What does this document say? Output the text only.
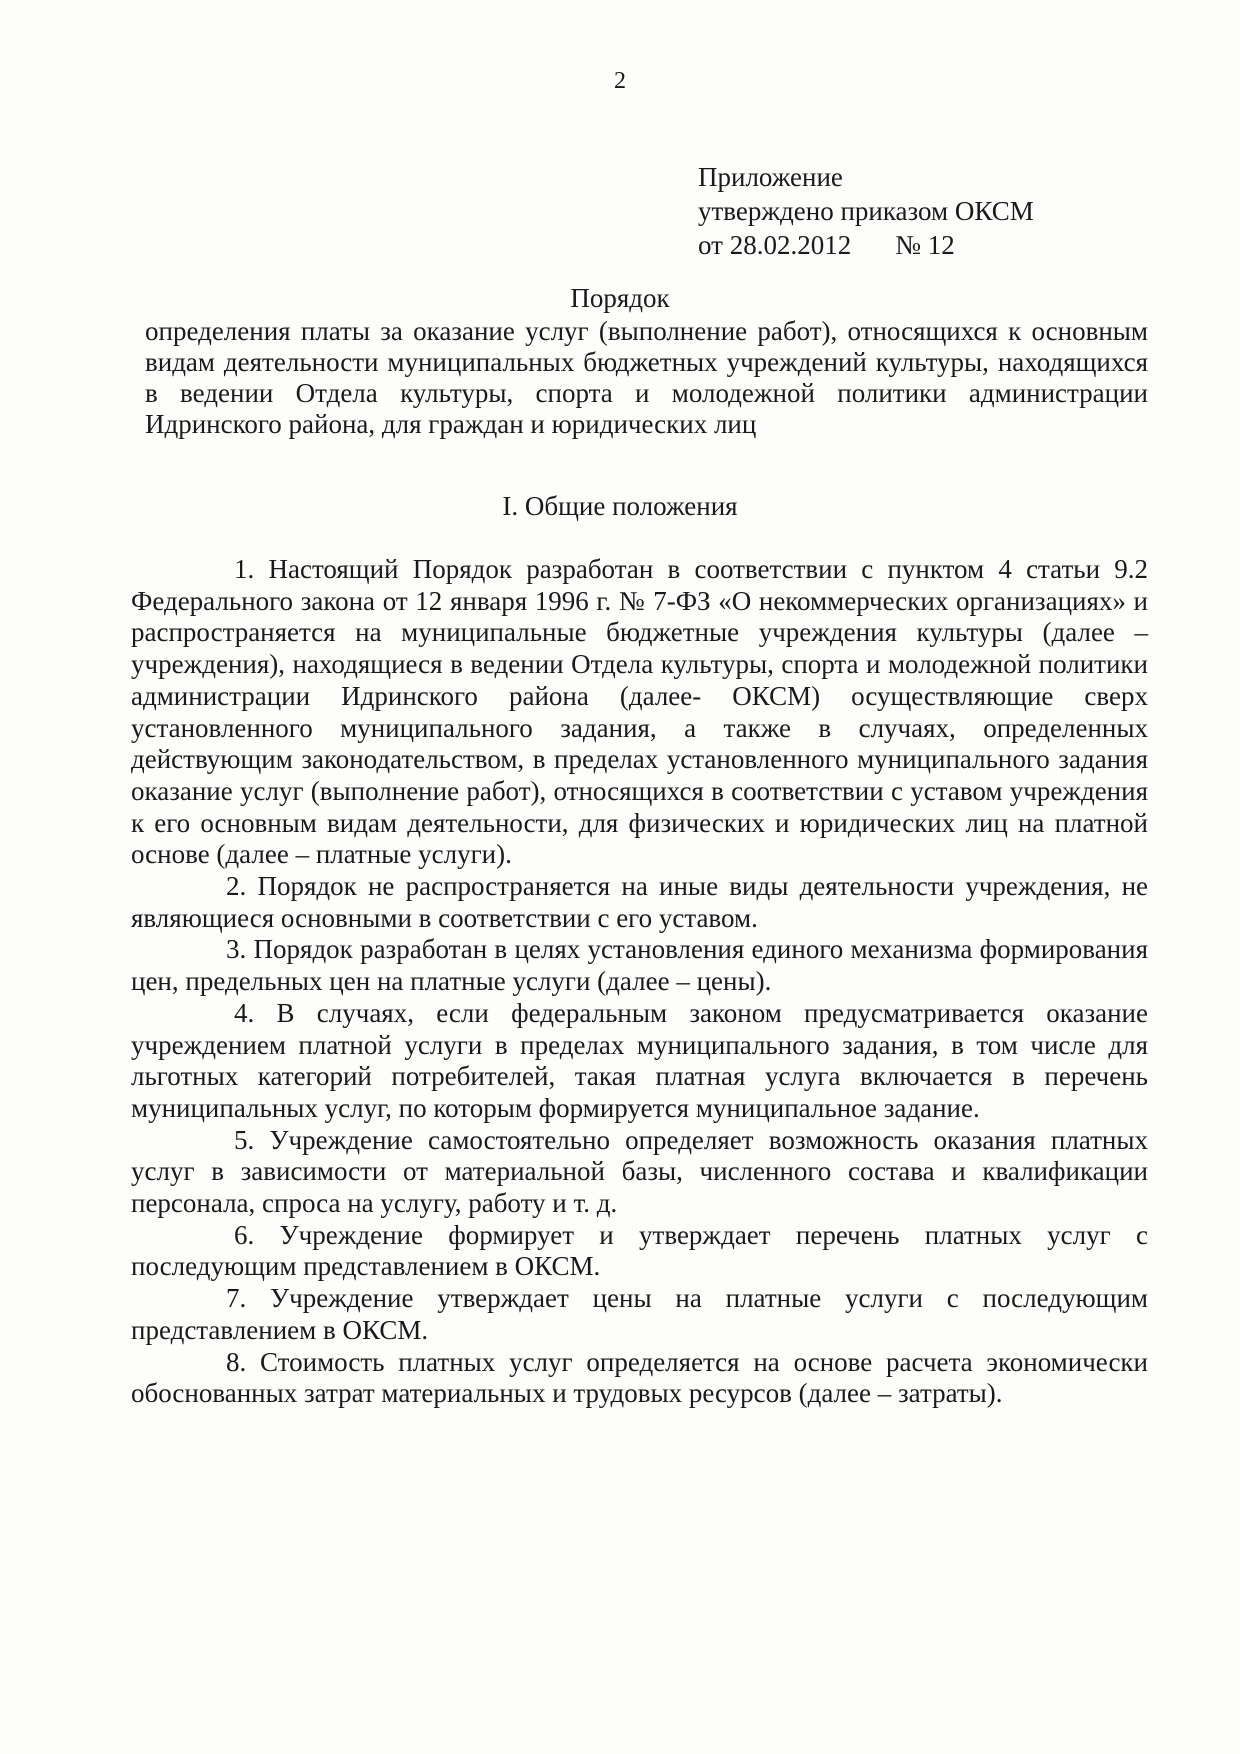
2
Приложение
утверждено приказом ОКСМ
от 28.02.2012 № 12
Порядок
определения платы за оказание услуг (выполнение работ), относящихся к основным видам деятельности муниципальных бюджетных учреждений культуры, находящихся в ведении Отдела культуры, спорта и молодежной политики администрации Идринского района, для граждан и юридических лиц
I. Общие положения

1. Настоящий Порядок разработан в соответствии с пунктом 4 статьи 9.2 Федерального закона от 12 января 1996 г. № 7-ФЗ «О некоммерческих организациях» и распространяется на муниципальные бюджетные учреждения культуры (далее – учреждения), находящиеся в ведении Отдела культуры, спорта и молодежной политики администрации Идринского района (далее- ОКСМ) осуществляющие сверх установленного муниципального задания, а также в случаях, определенных действующим законодательством, в пределах установленного муниципального задания оказание услуг (выполнение работ), относящихся в соответствии с уставом учреждения к его основным видам деятельности, для физических и юридических лиц на платной основе (далее – платные услуги).

2. Порядок не распространяется на иные виды деятельности учреждения, не являющиеся основными в соответствии с его уставом.

3. Порядок разработан в целях установления единого механизма формирования цен, предельных цен на платные услуги (далее – цены).

4. В случаях, если федеральным законом предусматривается оказание учреждением платной услуги в пределах муниципального задания, в том числе для льготных категорий потребителей, такая платная услуга включается в перечень муниципальных услуг, по которым формируется муниципальное задание.

5. Учреждение самостоятельно определяет возможность оказания платных услуг в зависимости от материальной базы, численного состава и квалификации персонала, спроса на услугу, работу и т. д.

6. Учреждение формирует и утверждает перечень платных услуг с последующим представлением в ОКСМ.

7. Учреждение утверждает цены на платные услуги с последующим представлением в ОКСМ.

8. Стоимость платных услуг определяется на основе расчета экономически обоснованных затрат материальных и трудовых ресурсов (далее – затраты).
